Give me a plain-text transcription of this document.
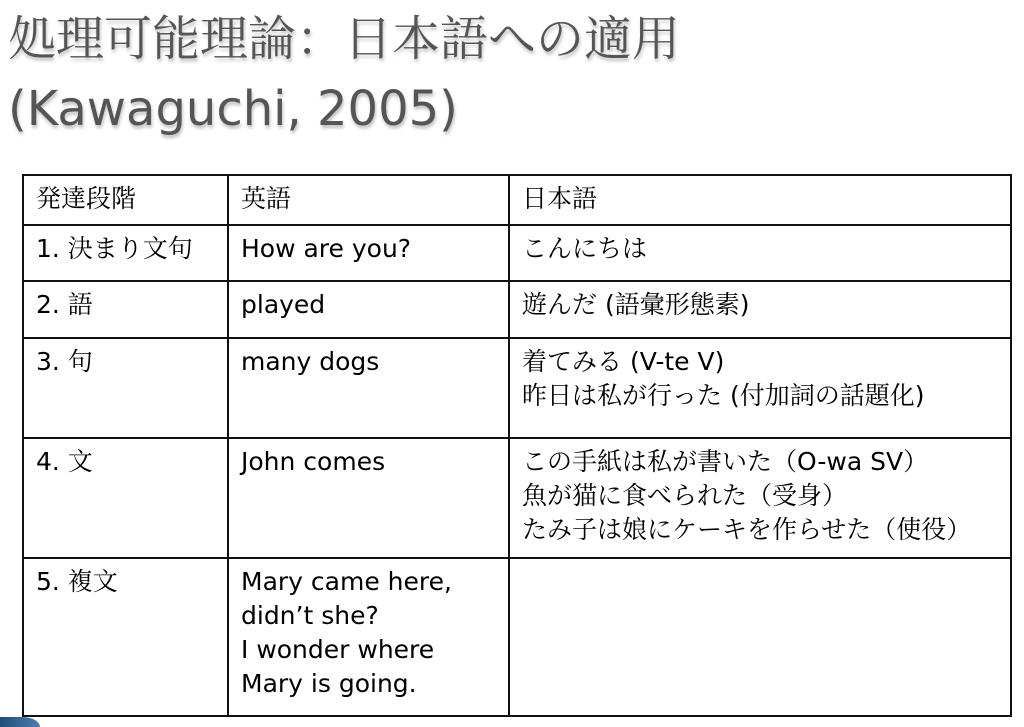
処理可能理論：日本語への適用
(Kawaguchi, 2005)
発達段階	英語	日本語

1. 決まり文句	How are you?	こんにちは

2. 語	played	遊んだ (語彙形態素)

3. 句	many dogs	着てみる (V-te V)
昨日は私が行った (付加詞の話題化)

4. 文	John comes	この手紙は私が書いた（O-wa SV）
魚が猫に食べられた（受身）
たみ子は娘にケーキを作らせた（使役）

5. 複文	Mary came here,
didn’t she?
I wonder where
Mary is going.	
